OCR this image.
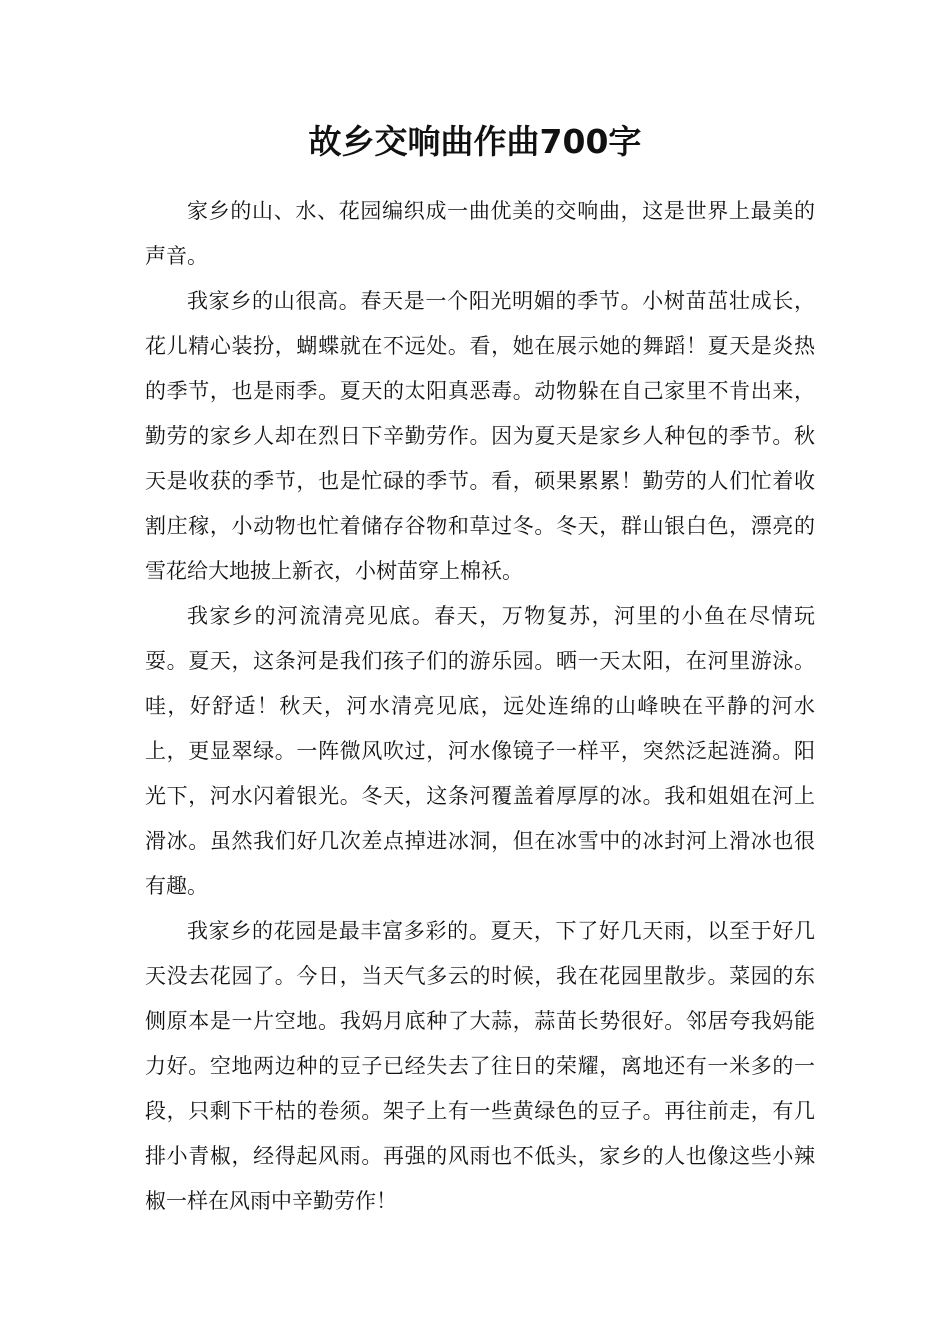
故乡交响曲作曲700字

家乡的山、水、花园编织成一曲优美的交响曲，这是世界上最美的声音。

我家乡的山很高。春天是一个阳光明媚的季节。小树苗茁壮成长，花儿精心装扮，蝴蝶就在不远处。看，她在展示她的舞蹈！夏天是炎热的季节，也是雨季。夏天的太阳真恶毒。动物躲在自己家里不肯出来，勤劳的家乡人却在烈日下辛勤劳作。因为夏天是家乡人种包的季节。秋天是收获的季节，也是忙碌的季节。看，硕果累累！勤劳的人们忙着收割庄稼，小动物也忙着储存谷物和草过冬。冬天，群山银白色，漂亮的雪花给大地披上新衣，小树苗穿上棉袄。

我家乡的河流清亮见底。春天，万物复苏，河里的小鱼在尽情玩耍。夏天，这条河是我们孩子们的游乐园。晒一天太阳，在河里游泳。哇，好舒适！秋天，河水清亮见底，远处连绵的山峰映在平静的河水上，更显翠绿。一阵微风吹过，河水像镜子一样平，突然泛起涟漪。阳光下，河水闪着银光。冬天，这条河覆盖着厚厚的冰。我和姐姐在河上滑冰。虽然我们好几次差点掉进冰洞，但在冰雪中的冰封河上滑冰也很有趣。

我家乡的花园是最丰富多彩的。夏天，下了好几天雨，以至于好几天没去花园了。今日，当天气多云的时候，我在花园里散步。菜园的东侧原本是一片空地。我妈月底种了大蒜，蒜苗长势很好。邻居夸我妈能力好。空地两边种的豆子已经失去了往日的荣耀，离地还有一米多的一段，只剩下干枯的卷须。架子上有一些黄绿色的豆子。再往前走，有几排小青椒，经得起风雨。再强的风雨也不低头，家乡的人也像这些小辣椒一样在风雨中辛勤劳作！
